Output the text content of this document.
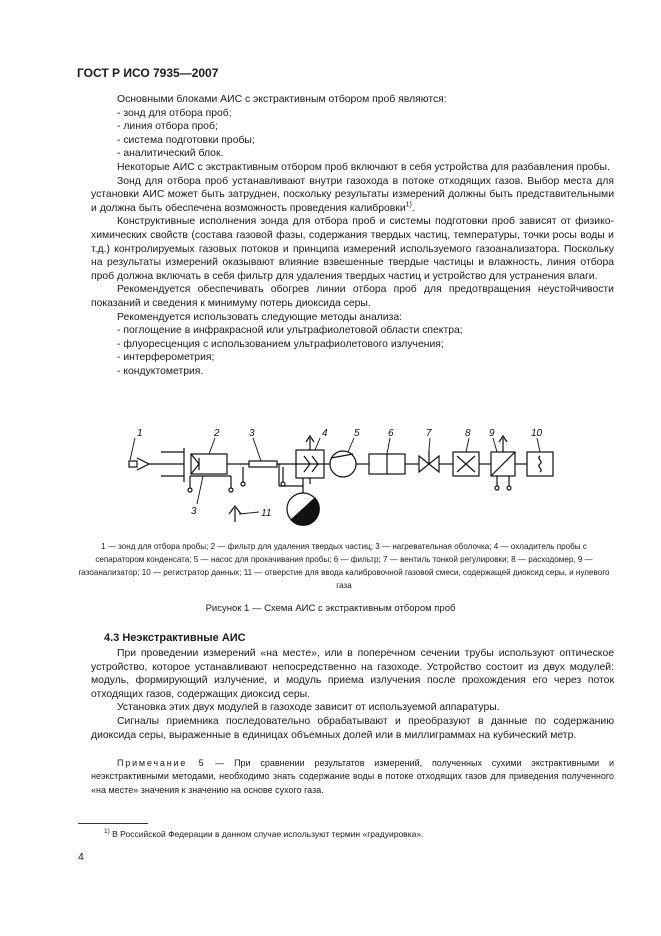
ГОСТ Р ИСО 7935—2007

Основными блоками АИС с экстрактивным отбором проб являются:

- зонд для отбора проб;

- линия отбора проб;

- система подготовки пробы;

- аналитический блок.

Некоторые АИС с экстрактивным отбором проб включают в себя устройства для разбавления пробы.

Зонд для отбора проб устанавливают внутри газохода в потоке отходящих газов. Выбор места для установки АИС может быть затруднен, поскольку результаты измерений должны быть представительными и должна быть обеспечена возможность проведения калибровки$^{1)}$.

Конструктивные исполнения зонда для отбора проб и системы подготовки проб зависят от физико-химических свойств (состава газовой фазы, содержания твердых частиц, температуры, точки росы воды и т.д.) контролируемых газовых потоков и принципа измерений используемого газоанализатора. Поскольку на результаты измерений оказывают влияние взвешенные твердые частицы и влажность, линия отбора проб должна включать в себя фильтр для удаления твердых частиц и устройство для устранения влаги.

Рекомендуется обеспечивать обогрев линии отбора проб для предотвращения неустойчивости показаний и сведения к минимуму потерь диоксида серы.

Рекомендуется использовать следующие методы анализа:

- поглощение в инфракрасной или ультрафиолетовой области спектра;

- флуоресценция с использованием ультрафиолетового излучения;

- интерферометрия;

- кондуктометрия.

1	2	3	4	5	6	7	8 9	10
3	11
1 — зонд для отбора пробы; 2 — фильтр для удаления твердых частиц; 3 — нагревательная оболочка; 4 — охладитель пробы с сепаратором конденсата; 5 — насос для прокачивания пробы; 6 — фильтр; 7 — вентиль тонкой регулировки; 8 — расходомер, 9 — газоанализатор; 10 — регистратор данных; 11 — отверстие для ввода калибровочной газовой смеси, содержащей диоксид серы, и нулевого газа
Рисунок 1 — Схема АИС с экстрактивным отбором проб
4.3 Неэкстрактивные АИС

При проведении измерений «на месте», или в поперечном сечении трубы используют оптическое устройство, которое устанавливают непосредственно на газоходе. Устройство состоит из двух модулей: модуль, формирующий излучение, и модуль приема излучения после прохождения его через поток отходящих газов, содержащих диоксид серы.

Установка этих двух модулей в газоходе зависит от используемой аппаратуры.

Сигналы приемника последовательно обрабатывают и преобразуют в данные по содержанию диоксида серы, выраженные в единицах объемных долей или в миллиграммах на кубический метр.

Примечание 5 — При сравнении результатов измерений, полученных сухими экстрактивными и неэкстрактивными методами, необходимо знать содержание воды в потоке отходящих газов для приведения полученного «на месте» значения к значению на основе сухого газа.
$^{1)}$ В Российской Федерации в данном случае используют термин «градуировка».
4
